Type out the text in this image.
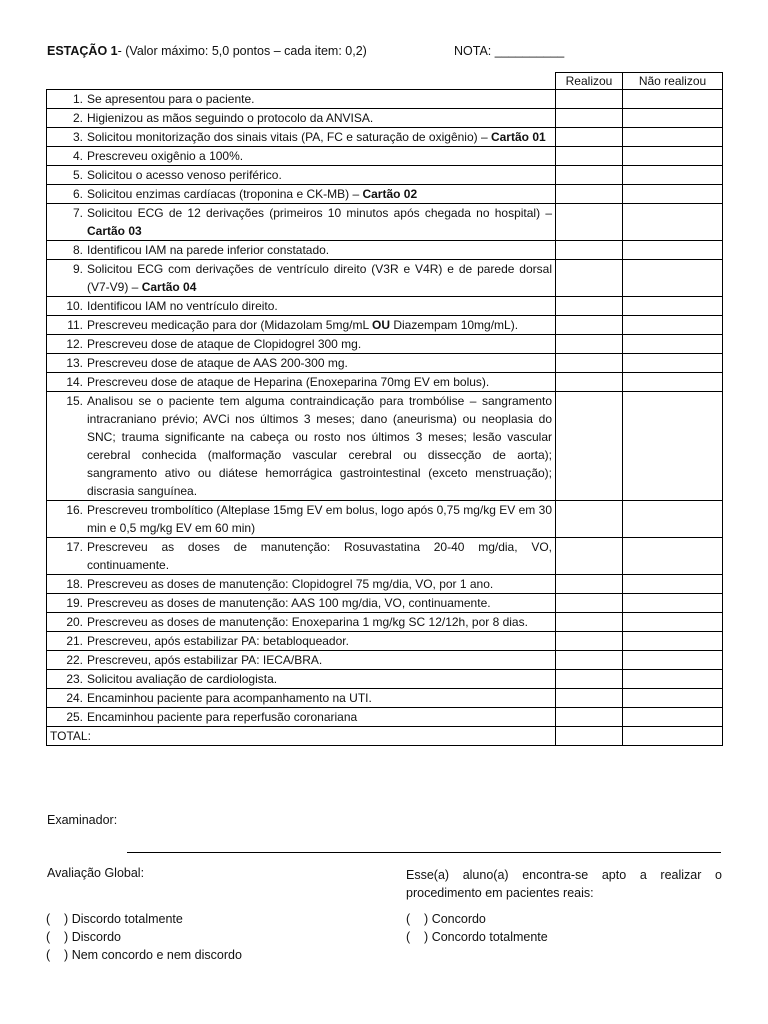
ESTAÇÃO 1- (Valor máximo: 5,0 pontos – cada item: 0,2)	NOTA: __________
	Realizou	Não realizou

1. Se apresentou para o paciente.		

2. Higienizou as mãos seguindo o protocolo da ANVISA.		

3. Solicitou monitorização dos sinais vitais (PA, FC e saturação de oxigênio) – Cartão 01		

4. Prescreveu oxigênio a 100%.		

5. Solicitou o acesso venoso periférico.		

6. Solicitou enzimas cardíacas (troponina e CK-MB) – Cartão 02		

7. Solicitou ECG de 12 derivações (primeiros 10 minutos após chegada no hospital) – Cartão 03		

8. Identificou IAM na parede inferior constatado.		

9. Solicitou ECG com derivações de ventrículo direito (V3R e V4R) e de parede dorsal (V7-V9) – Cartão 04		

10. Identificou IAM no ventrículo direito.		

11. Prescreveu medicação para dor (Midazolam 5mg/mL OU Diazempam 10mg/mL).		

12. Prescreveu dose de ataque de Clopidogrel 300 mg.		

13. Prescreveu dose de ataque de AAS 200-300 mg.		

14. Prescreveu dose de ataque de Heparina (Enoxeparina 70mg EV em bolus).		

15. Analisou se o paciente tem alguma contraindicação para trombólise – sangramento intracraniano prévio; AVCi nos últimos 3 meses; dano (aneurisma) ou neoplasia do SNC; trauma significante na cabeça ou rosto nos últimos 3 meses; lesão vascular cerebral conhecida (malformação vascular cerebral ou dissecção de aorta); sangramento ativo ou diátese hemorrágica gastrointestinal (exceto menstruação); discrasia sanguínea.		

16. Prescreveu trombolítico (Alteplase 15mg EV em bolus, logo após 0,75 mg/kg EV em 30 min e 0,5 mg/kg EV em 60 min)		

17. Prescreveu as doses de manutenção: Rosuvastatina 20-40 mg/dia, VO, continuamente.		

18. Prescreveu as doses de manutenção: Clopidogrel 75 mg/dia, VO, por 1 ano.		

19. Prescreveu as doses de manutenção: AAS 100 mg/dia, VO, continuamente.		

20. Prescreveu as doses de manutenção: Enoxeparina 1 mg/kg SC 12/12h, por 8 dias.		

21. Prescreveu, após estabilizar PA: betabloqueador.		

22. Prescreveu, após estabilizar PA: IECA/BRA.		

23. Solicitou avaliação de cardiologista.		

24. Encaminhou paciente para acompanhamento na UTI.		

25. Encaminhou paciente para reperfusão coronariana		

TOTAL:		
Examinador:
Avaliação Global:	Esse(a) aluno(a) encontra-se apto a realizar o procedimento em pacientes reais:
(    ) Discordo totalmente
(    ) Discordo
(    ) Nem concordo e nem discordo
(    ) Concordo
(    ) Concordo totalmente
